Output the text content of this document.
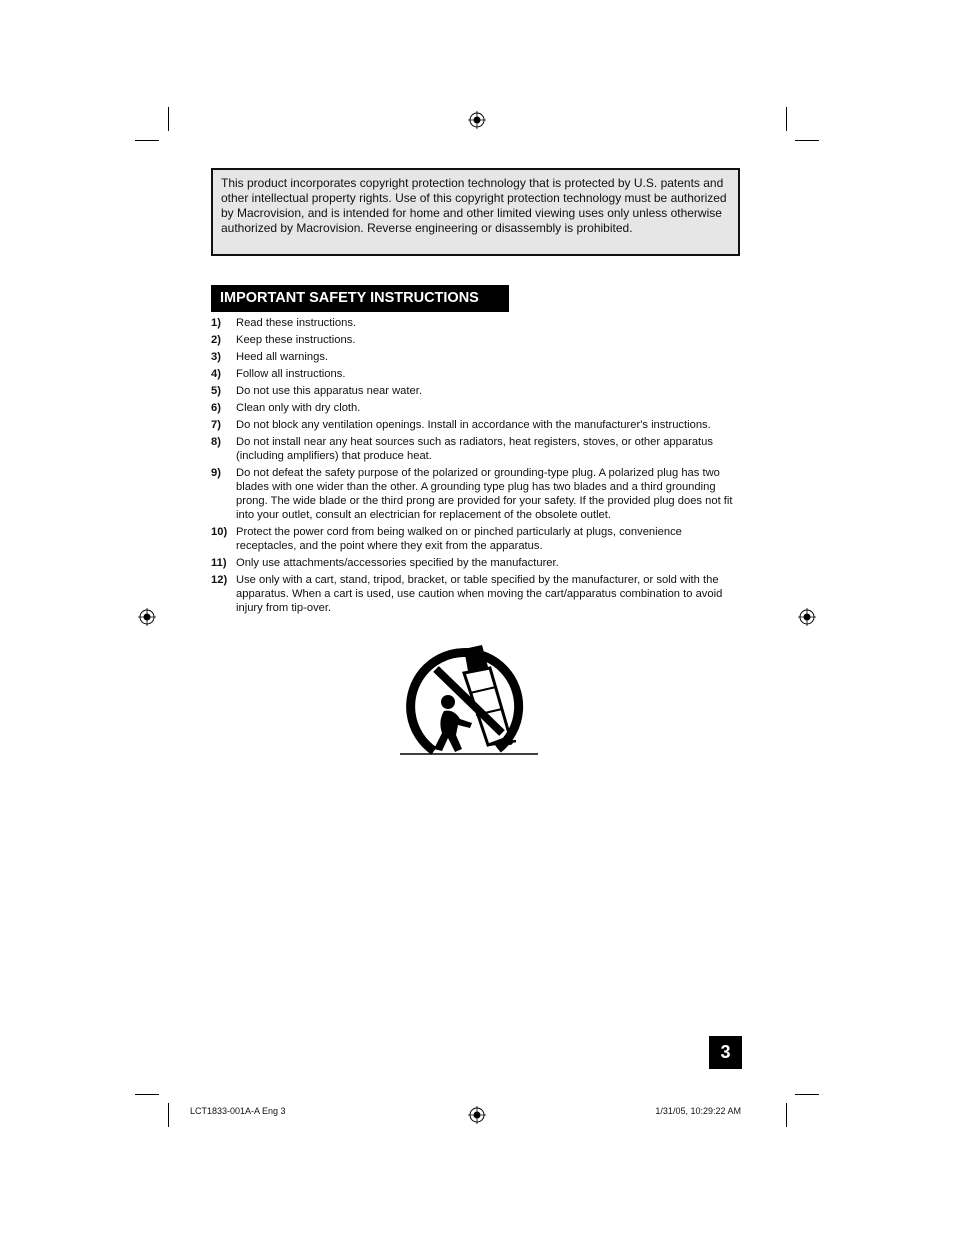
This product incorporates copyright protection technology that is protected by U.S. patents and other intellectual property rights. Use of this copyright protection technology must be authorized by Macrovision, and is intended for home and other limited viewing uses only unless otherwise authorized by Macrovision. Reverse engineering or disassembly is prohibited.
IMPORTANT SAFETY INSTRUCTIONS
1)	Read these instructions.
2)	Keep these instructions.
3)	Heed all warnings.
4)	Follow all instructions.
5)	Do not use this apparatus near water.
6)	Clean only with dry cloth.
7)	Do not block any ventilation openings. Install in accordance with the manufacturer's instructions.
8)	Do not install near any heat sources such as radiators, heat registers, stoves, or other apparatus (including amplifiers) that produce heat.
9)	Do not defeat the safety purpose of the polarized or grounding-type plug. A polarized plug has two blades with one wider than the other. A grounding type plug has two blades and a third grounding prong. The wide blade or the third prong are provided for your safety. If the provided plug does not fit into your outlet, consult an electrician for replacement of the obsolete outlet.
10) Protect the power cord from being walked on or pinched particularly at plugs, convenience receptacles, and the point where they exit from the apparatus.
11) Only use attachments/accessories specified by the manufacturer.
12) Use only with a cart, stand, tripod, bracket, or table specified by the manufacturer, or sold with the apparatus. When a cart is used, use caution when moving the cart/apparatus combination to avoid injury from tip-over.
3
LCT1833-001A-A Eng 3	1/31/05, 10:29:22 AM
